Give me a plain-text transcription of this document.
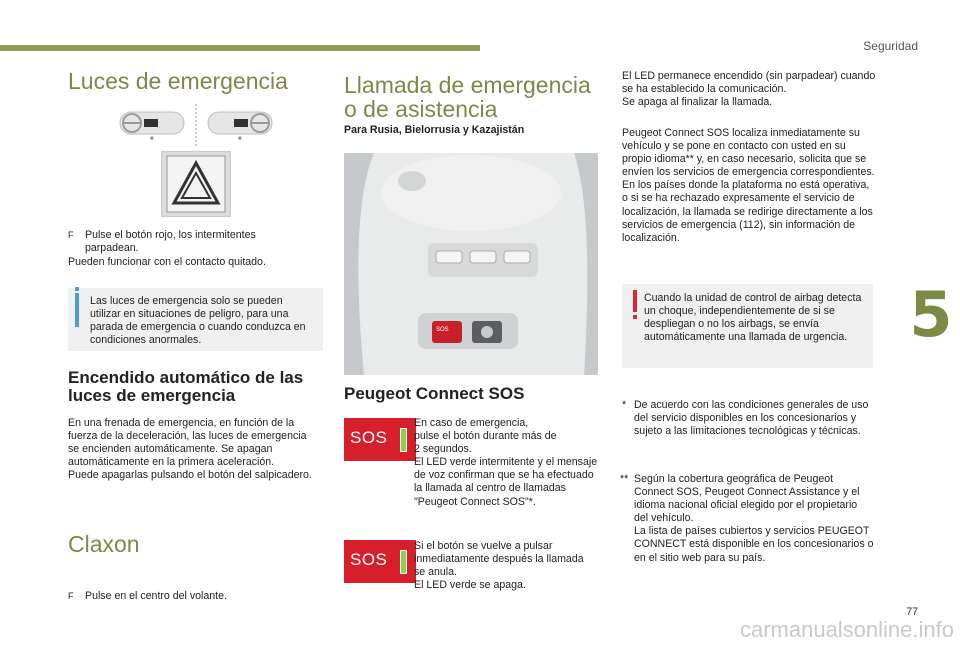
Seguridad
5
Luces de emergencia
♠	♠
F Pulse el botón rojo, los intermitentes parpadean.
Pueden funcionar con el contacto quitado.
Las luces de emergencia solo se pueden utilizar en situaciones de peligro, para una parada de emergencia o cuando conduzca en condiciones anormales.
Encendido automático de las luces de emergencia
En una frenada de emergencia, en función de la fuerza de la deceleración, las luces de emergencia se encienden automáticamente. Se apagan automáticamente en la primera aceleración.
Puede apagarlas pulsando el botón del salpicadero.
Claxon
F Pulse en el centro del volante.
Llamada de emergencia o de asistencia
Para Rusia, Bielorrusia y Kazajistán
SOS
Peugeot Connect SOS
SOS
En caso de emergencia,
pulse el botón durante más de
2 segundos.
El LED verde intermitente y el mensaje de voz confirman que se ha efectuado la llamada al centro de llamadas "Peugeot Connect SOS"*.
SOS
Si el botón se vuelve a pulsar inmediatamente después la llamada se anula.
El LED verde se apaga.
El LED permanece encendido (sin parpadear) cuando se ha establecido la comunicación.
Se apaga al finalizar la llamada.
Peugeot Connect SOS localiza inmediatamente su vehículo y se pone en contacto con usted en su propio idioma** y, en caso necesario, solicita que se envíen los servicios de emergencia correspondientes. En los países donde la plataforma no está operativa, o si se ha rechazado expresamente el servicio de localización, la llamada se redirige directamente a los servicios de emergencia (112), sin información de localización.
Cuando la unidad de control de airbag detecta un choque, independientemente de si se despliegan o no los airbags, se envía automáticamente una llamada de urgencia.
* De acuerdo con las condiciones generales de uso del servicio disponibles en los concesionarios y sujeto a las limitaciones tecnológicas y técnicas.
** Según la cobertura geográfica de Peugeot Connect SOS, Peugeot Connect Assistance y el idioma nacional oficial elegido por el propietario del vehículo.
La lista de países cubiertos y servicios PEUGEOT CONNECT está disponible en los concesionarios o en el sitio web para su país.
77
carmanualsonline.info
